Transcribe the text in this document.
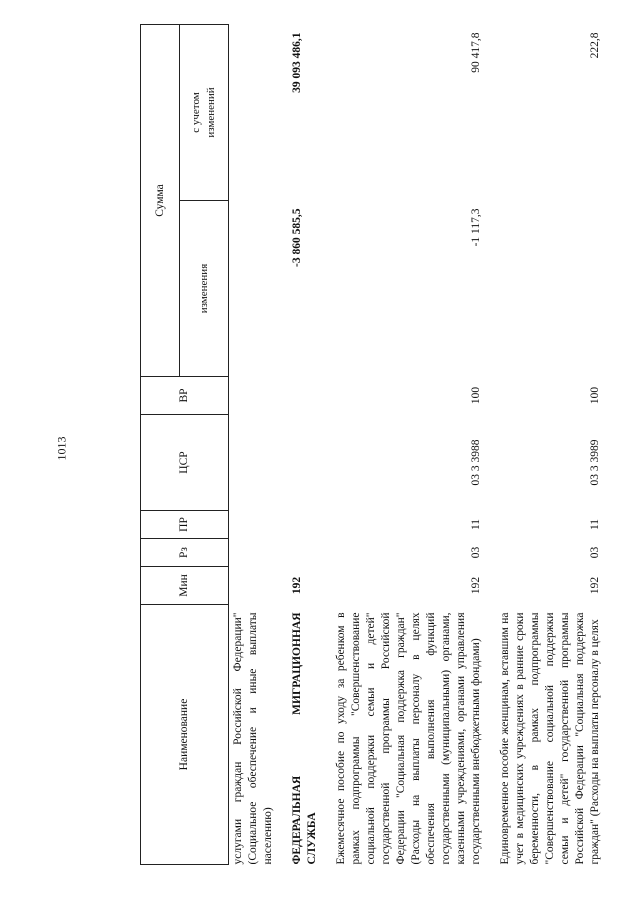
1013
Наименование	Мин	Рз	ПР	ЦСР	ВР	Сумма	
						изменения	с учетом изменений
услугами граждан Российской Федерации" (Социальное обеспечение и иные выплаты населению)							

ФЕДЕРАЛЬНАЯ
МИГРАЦИОННАЯ
СЛУЖБА	192					-3 860 585,5	39 093 486,1

Ежемесячное пособие по уходу за ребенком в рамках подпрограммы "Совершенствование социальной поддержки семьи и детей" государственной программы Российской Федерации "Социальная поддержка граждан" (Расходы на выплаты персоналу в целях обеспечения выполнения функций государственными (муниципальными) органами, казенными учреждениями, органами управления государственными внебюджетными фондами)	192	03	11	03 3 3988	100	-1 117,3	90 417,8

Единовременное пособие женщинам, вставшим на учет в медицинских учреждениях в ранние сроки беременности, в рамках подпрограммы "Совершенствование социальной поддержки семьи и детей" государственной программы Российской Федерации "Социальная поддержка граждан" (Расходы на выплаты персоналу в целях	192	03	11	03 3 3989	100		222,8
